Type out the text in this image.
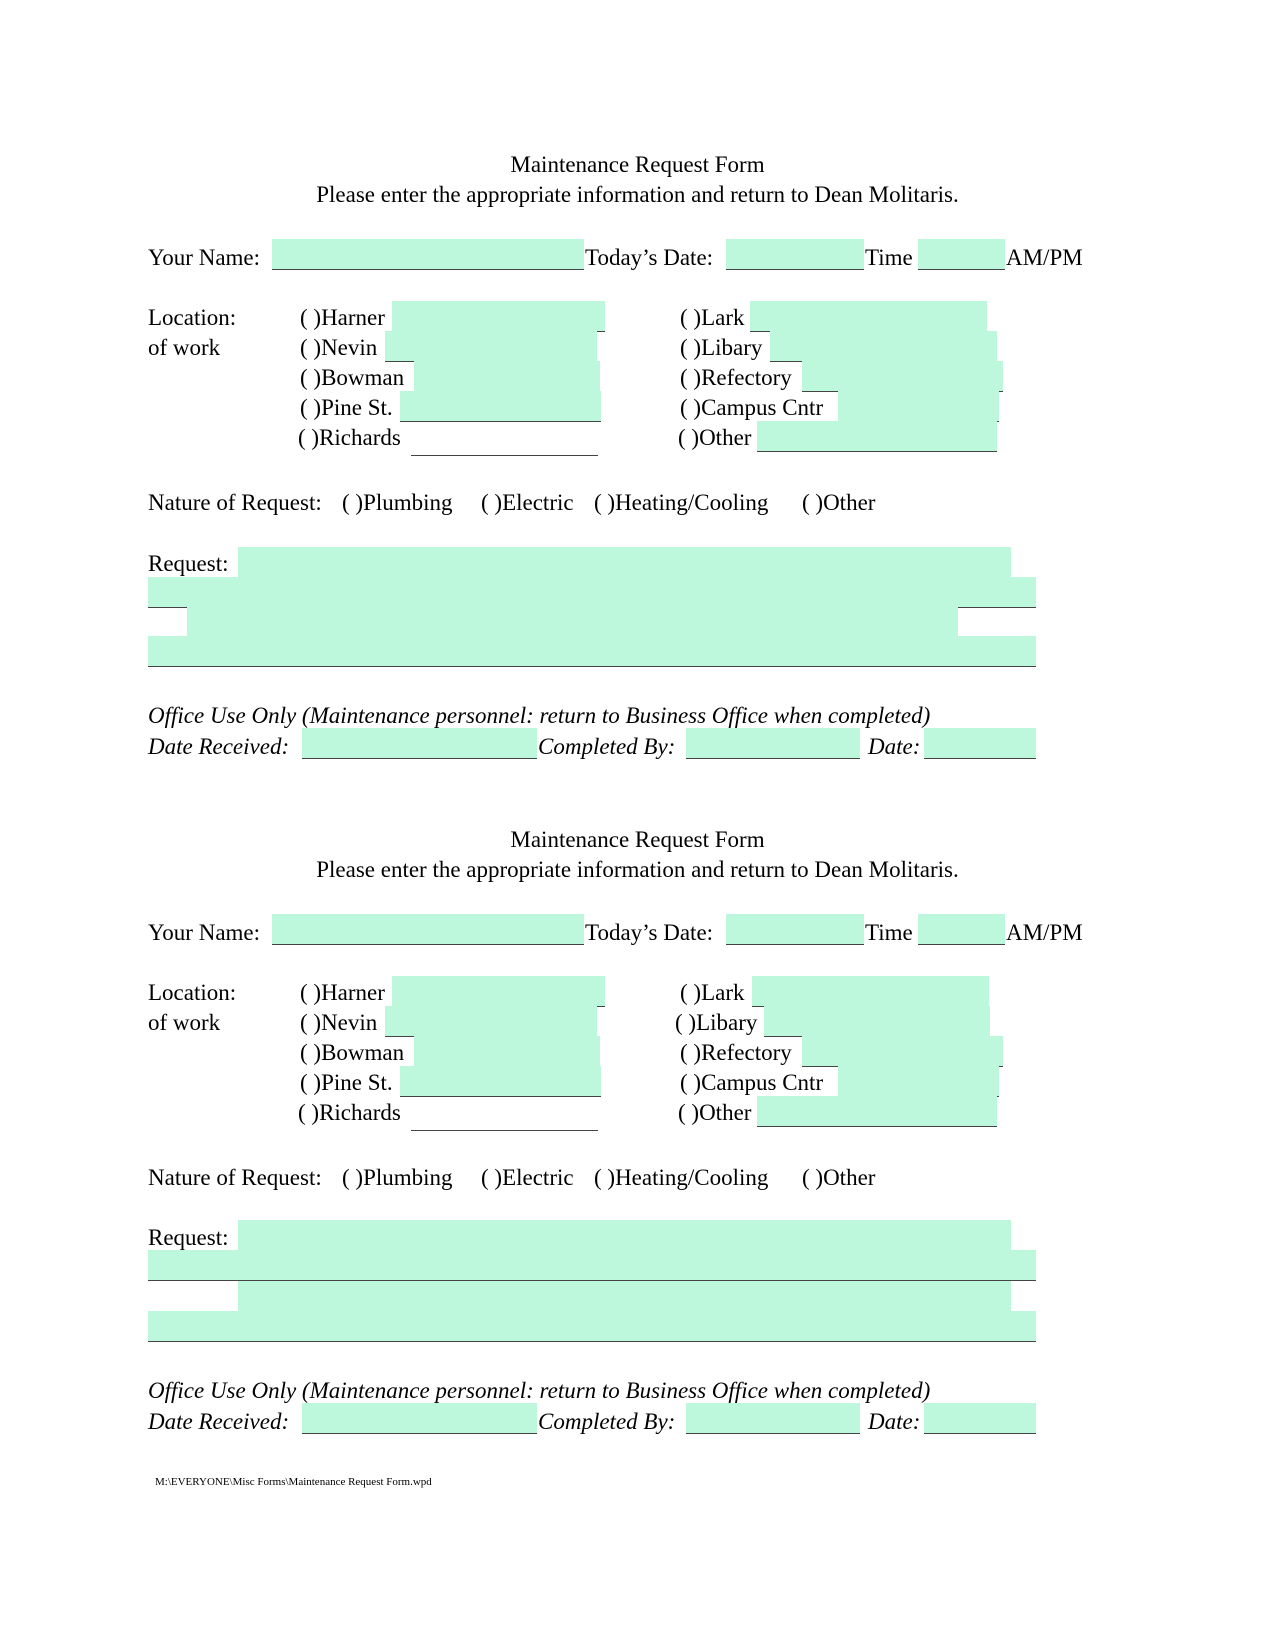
Maintenance Request Form
Please enter the appropriate information and return to Dean Molitaris.
Your Name:	Today’s Date:	Time	AM/PM
Location:
of work
( )Harner
( )Nevin
( )Bowman
( )Pine St.
( )Richards
( )Lark
( )Libary
( )Refectory
( )Campus Cntr
( )Other
Nature of Request: ( )Plumbing ( )Electric ( )Heating/Cooling ( )Other
Request:
Office Use Only (Maintenance personnel: return to Business Office when completed)
Date Received:	Completed By:	Date:
Maintenance Request Form
Please enter the appropriate information and return to Dean Molitaris.
Your Name:	Today’s Date:	Time	AM/PM
Location:
of work
( )Harner
( )Nevin
( )Bowman
( )Pine St.
( )Richards
( )Lark
( )Libary
( )Refectory
( )Campus Cntr
( )Other
Nature of Request: ( )Plumbing ( )Electric ( )Heating/Cooling ( )Other
Request:
Office Use Only (Maintenance personnel: return to Business Office when completed)
Date Received:	Completed By:	Date:
M:\EVERYONE\Misc Forms\Maintenance Request Form.wpd
